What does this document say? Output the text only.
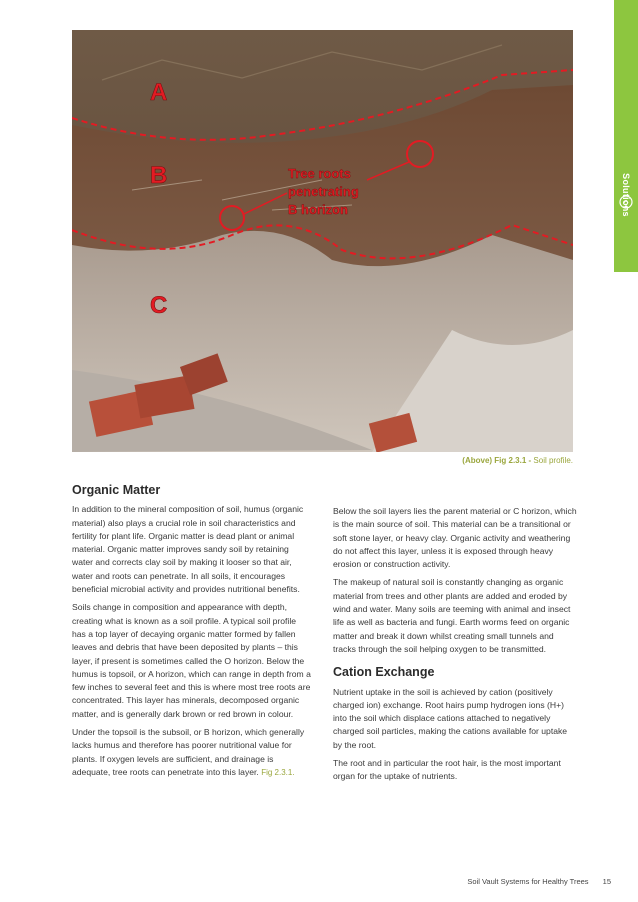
Solutions
A
B
C
Tree roots
penetrating
B horizon
(Above) Fig 2.3.1 - Soil profile.
Organic Matter

In addition to the mineral composition of soil, humus (organic material) also plays a crucial role in soil characteristics and fertility for plant life. Organic matter is dead plant or animal material. Organic matter improves sandy soil by retaining water and corrects clay soil by making it looser so that air, water and roots can penetrate. In all soils, it encourages beneficial microbial activity and provides nutritional benefits.

Soils change in composition and appearance with depth, creating what is known as a soil profile. A typical soil profile has a top layer of decaying organic matter formed by fallen leaves and debris that have been deposited by plants – this layer, if present is sometimes called the O horizon. Below the humus is topsoil, or A horizon, which can range in depth from a few inches to several feet and this is where most tree roots are concentrated. This layer has minerals, decomposed organic matter, and is generally dark brown or red brown in colour.

Under the topsoil is the subsoil, or B horizon, which generally lacks humus and therefore has poorer nutritional value for plants. If oxygen levels are sufficient, and drainage is adequate, tree roots can penetrate into this layer. Fig 2.3.1.

Below the soil layers lies the parent material or C horizon, which is the main source of soil. This material can be a transitional or soft stone layer, or heavy clay. Organic activity and weathering do not affect this layer, unless it is exposed through heavy erosion or construction activity.

The makeup of natural soil is constantly changing as organic material from trees and other plants are added and eroded by wind and water. Many soils are teeming with animal and insect life as well as bacteria and fungi. Earth worms feed on organic matter and break it down whilst creating small tunnels and tracks through the soil helping oxygen to be transmitted.

Cation Exchange

Nutrient uptake in the soil is achieved by cation (positively charged ion) exchange. Root hairs pump hydrogen ions (H+) into the soil which displace cations attached to negatively charged soil particles, making the cations available for uptake by the root.

The root and in particular the root hair, is the most important organ for the uptake of nutrients.

Soil Vault Systems for Healthy Trees 15
